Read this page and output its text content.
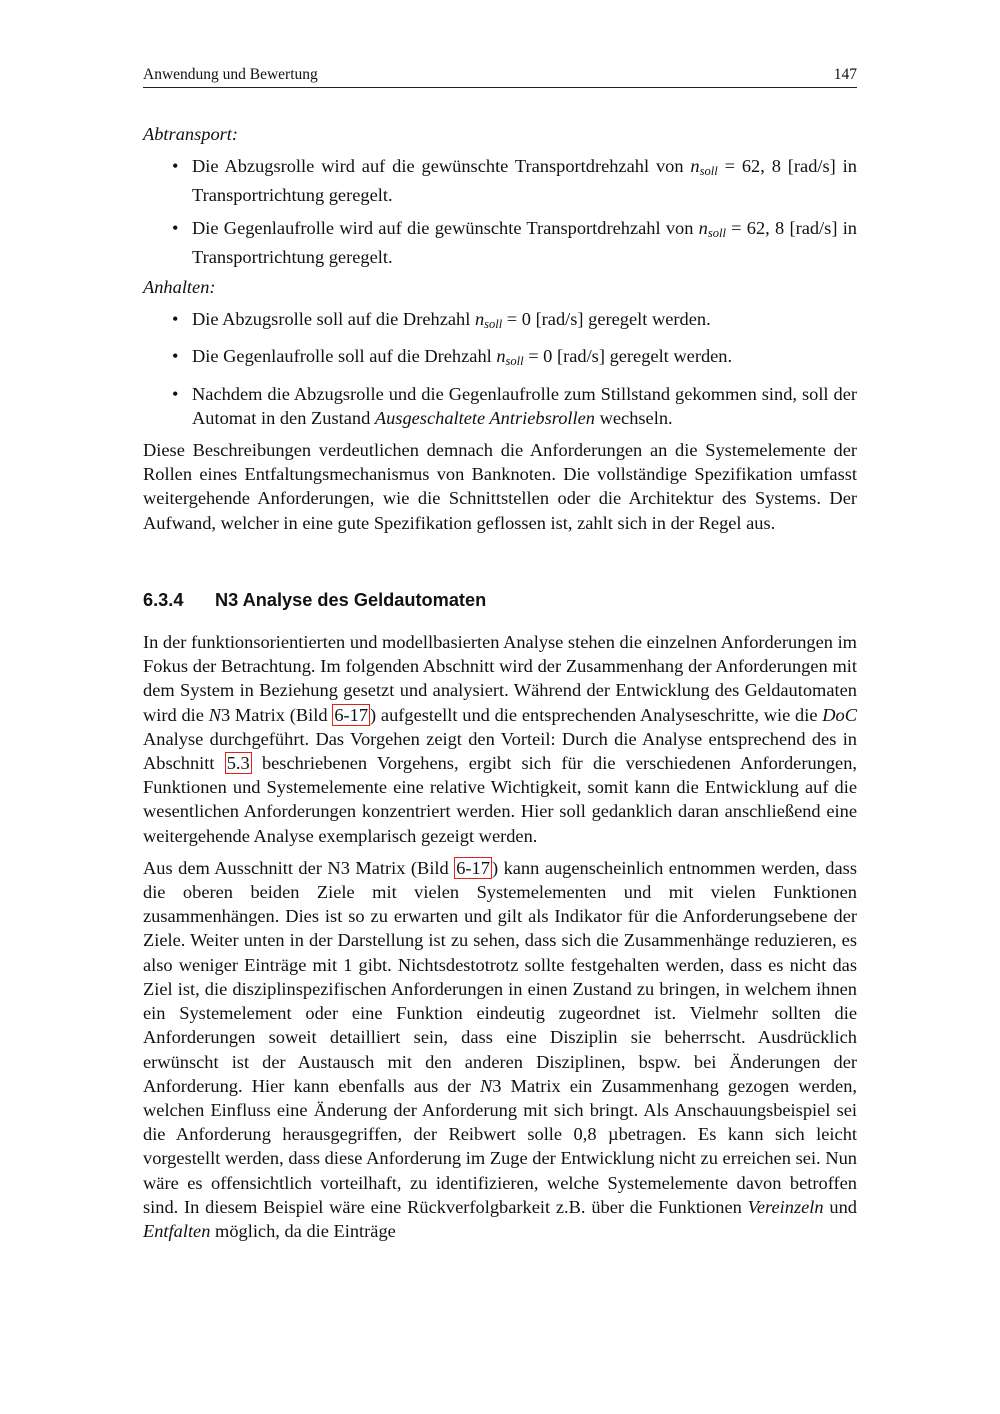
Anwendung und Bewertung	147
Abtransport:
• Die Abzugsrolle wird auf die gewünschte Transportdrehzahl von $n_{soll} = 62$, 8 [rad/s] in Transportrichtung geregelt.
• Die Gegenlaufrolle wird auf die gewünschte Transportdrehzahl von $n_{soll} = 62$, 8 [rad/s] in Transportrichtung geregelt.
Anhalten:
• Die Abzugsrolle soll auf die Drehzahl $n_{soll} = 0$ [rad/s] geregelt werden.
• Die Gegenlaufrolle soll auf die Drehzahl $n_{soll} = 0$ [rad/s] geregelt werden.
• Nachdem die Abzugsrolle und die Gegenlaufrolle zum Stillstand gekommen sind, soll der Automat in den Zustand Ausgeschaltete Antriebsrollen wechseln.

Diese Beschreibungen verdeutlichen demnach die Anforderungen an die Systemelemente der Rollen eines Entfaltungsmechanismus von Banknoten. Die vollständige Spezifikation umfasst weitergehende Anforderungen, wie die Schnittstellen oder die Architektur des Systems. Der Aufwand, welcher in eine gute Spezifikation geflossen ist, zahlt sich in der Regel aus.

6.3.4	N3 Analyse des Geldautomaten

In der funktionsorientierten und modellbasierten Analyse stehen die einzelnen Anforderungen im Fokus der Betrachtung. Im folgenden Abschnitt wird der Zusammenhang der Anforderungen mit dem System in Beziehung gesetzt und analysiert. Während der Entwicklung des Geldautomaten wird die N3 Matrix (Bild 6-17 ) aufgestellt und die entsprechenden Analyseschritte, wie die DoC Analyse durchgeführt. Das Vorgehen zeigt den Vorteil: Durch die Analyse entsprechend des in Abschnitt 5.3 beschriebenen Vorgehens, ergibt sich für die verschiedenen Anforderungen, Funktionen und Systemelemente eine relative Wichtigkeit, somit kann die Entwicklung auf die wesentlichen Anforderungen konzentriert werden. Hier soll gedanklich daran anschließend eine weitergehende Analyse exemplarisch gezeigt werden.

Aus dem Ausschnitt der N3 Matrix (Bild 6-17 ) kann augenscheinlich entnommen werden, dass die oberen beiden Ziele mit vielen Systemelementen und mit vielen Funktionen zusammenhängen. Dies ist so zu erwarten und gilt als Indikator für die Anforderungsebene der Ziele. Weiter unten in der Darstellung ist zu sehen, dass sich die Zusammenhänge reduzieren, es also weniger Einträge mit 1 gibt. Nichtsdestotrotz sollte festgehalten werden, dass es nicht das Ziel ist, die disziplinspezifischen Anforderungen in einen Zustand zu bringen, in welchem ihnen ein Systemelement oder eine Funktion eindeutig zugeordnet ist. Vielmehr sollten die Anforderungen soweit detailliert sein, dass eine Disziplin sie beherrscht. Ausdrücklich erwünscht ist der Austausch mit den anderen Disziplinen, bspw. bei Änderungen der Anforderung. Hier kann ebenfalls aus der N3 Matrix ein Zusammenhang gezogen werden, welchen Einfluss eine Änderung der Anforderung mit sich bringt. Als Anschauungsbeispiel sei die Anforderung herausgegriffen, der Reibwert solle 0,8 µbetragen. Es kann sich leicht vorgestellt werden, dass diese Anforderung im Zuge der Entwicklung nicht zu erreichen sei. Nun wäre es offensichtlich vorteilhaft, zu identifizieren, welche Systemelemente davon betroffen sind. In diesem Beispiel wäre eine Rückverfolgbarkeit z.B. über die Funktionen Vereinzeln und Entfalten möglich, da die Einträge
